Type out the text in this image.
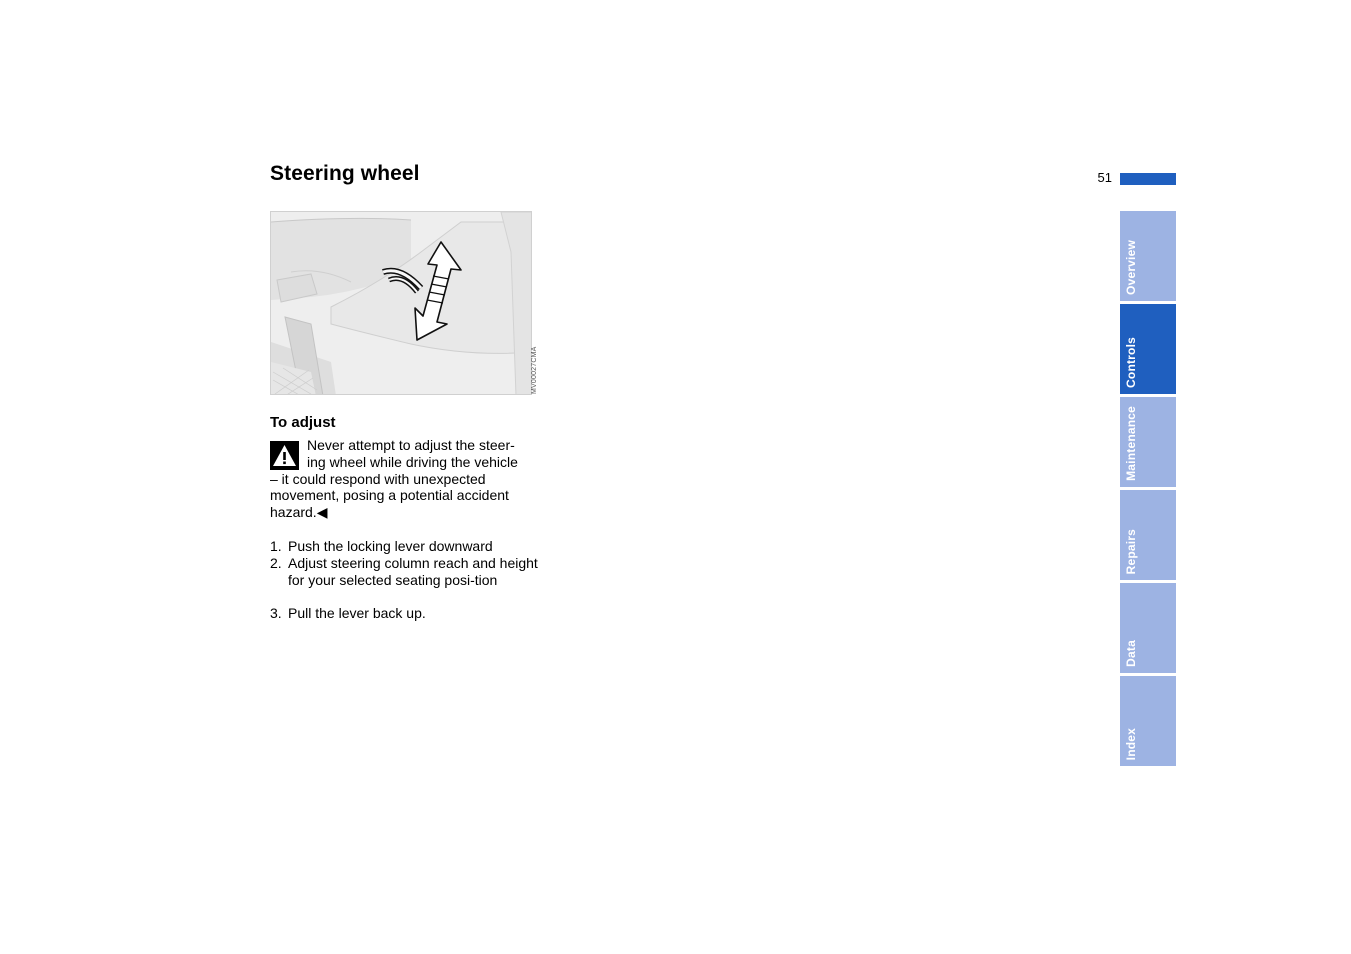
Steering wheel	51
MV00027CMA
To adjust
Never attempt to adjust the steer-
ing wheel while driving the vehicle
– it could respond with unexpected
movement, posing a potential accident
hazard.◀
1. Push the locking lever downward
2. Adjust steering column reach and height for your selected seating posi-tion
3. Pull the lever back up.
Overview
Controls
Maintenance
Repairs
Data
Index
